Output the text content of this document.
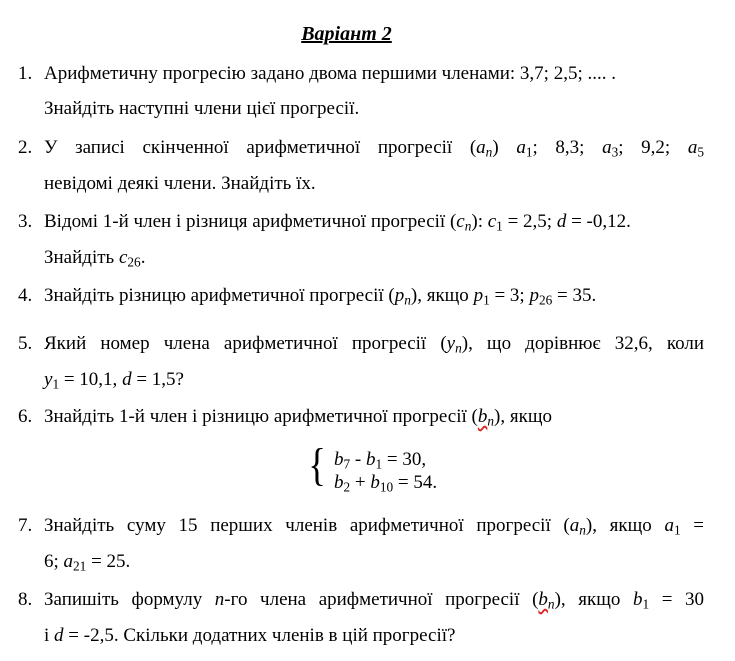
Варіант 2
1. Арифметичну прогресію задано двома першими членами: 3,7; 2,5; .... .
Знайдіть наступні члени цієї прогресії.
2. У записі скінченної арифметичної прогресії $(a_n)$ $a_1$; 8,3; $a_3$; 9,2; $a_5$
невідомі деякі члени. Знайдіть їх.
3. Відомі 1-й член і різниця арифметичної прогресії $(c_n)$: $c_1 = 2,5$; d = -0,12.
Знайдіть $c_{26}$.
4. Знайдіть різницю арифметичної прогресії $(p_n)$, якщо $p_1 = 3$; $p_{26} = 35$.
5. Який номер члена арифметичної прогресії $(y_n)$, що дорівнює 32,6, коли
$y_1 = 10,1$, d = 1,5?
6. Знайдіть 1-й член і різницю арифметичної прогресії $(b_n)$, якщо
{ $b_7 - b_1 = 30$,
$b_2 + b_{10} = 54$.
7. Знайдіть суму 15 перших членів арифметичної прогресії $(a_n)$, якщо $a_1$ =
6; $a_{21} = 25$.
8. Запишіть формулу n-го члена арифметичної прогресії $(b_n)$, якщо $b_1 = 30$
і d = -2,5. Скільки додатних членів в цій прогресії?
